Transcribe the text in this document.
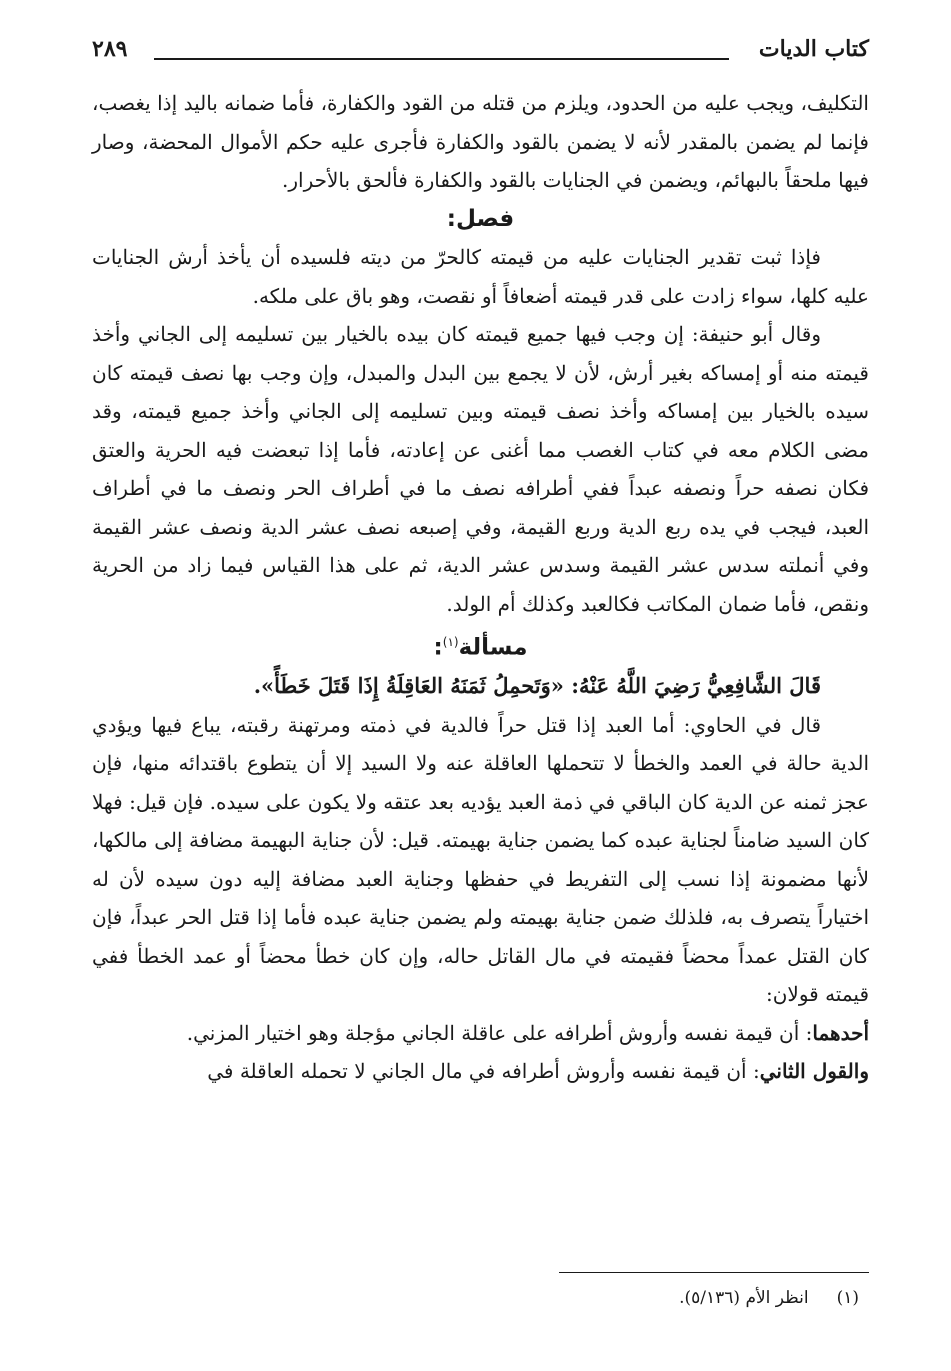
كتاب الديات
٢٨٩

التكليف، ويجب عليه من الحدود، ويلزم من قتله من القود والكفارة، فأما ضمانه باليد إذا يغصب، فإنما لم يضمن بالمقدر لأنه لا يضمن بالقود والكفارة فأجرى عليه حكم الأموال المحضة، وصار فيها ملحقاً بالبهائم، ويضمن في الجنايات بالقود والكفارة فألحق بالأحرار.

فصل:

فإذا ثبت تقدير الجنايات عليه من قيمته كالحرّ من ديته فلسيده أن يأخذ أرش الجنايات عليه كلها، سواء زادت على قدر قيمته أضعافاً أو نقصت، وهو باق على ملكه.

وقال أبو حنيفة: إن وجب فيها جميع قيمته كان بيده بالخيار بين تسليمه إلى الجاني وأخذ قيمته منه أو إمساكه بغير أرش، لأن لا يجمع بين البدل والمبدل، وإن وجب بها نصف قيمته كان سيده بالخيار بين إمساكه وأخذ نصف قيمته وبين تسليمه إلى الجاني وأخذ جميع قيمته، وقد مضى الكلام معه في كتاب الغصب مما أغنى عن إعادته، فأما إذا تبعضت فيه الحرية والعتق فكان نصفه حراً ونصفه عبداً ففي أطرافه نصف ما في أطراف الحر ونصف ما في أطراف العبد، فيجب في يده ربع الدية وربع القيمة، وفي إصبعه نصف عشر الدية ونصف عشر القيمة وفي أنملته سدس عشر القيمة وسدس عشر الدية، ثم على هذا القياس فيما زاد من الحرية ونقص، فأما ضمان المكاتب فكالعبد وكذلك أم الولد.

مسألة$^{(١)}$:

قَالَ الشَّافِعِيُّ رَضِيَ اللَّهُ عَنْهُ: «وَتَحمِلُ ثَمَنَهُ العَاقِلَةُ إِذَا قَتَلَ خَطَأً».

قال في الحاوي: أما العبد إذا قتل حراً فالدية في ذمته ومرتهنة رقبته، يباع فيها ويؤدي الدية حالة في العمد والخطأ لا تتحملها العاقلة عنه ولا السيد إلا أن يتطوع باقتدائه منها، فإن عجز ثمنه عن الدية كان الباقي في ذمة العبد يؤديه بعد عتقه ولا يكون على سيده. فإن قيل: فهلا كان السيد ضامناً لجناية عبده كما يضمن جناية بهيمته. قيل: لأن جناية البهيمة مضافة إلى مالكها، لأنها مضمونة إذا نسب إلى التفريط في حفظها وجناية العبد مضافة إليه دون سيده لأن له اختياراً يتصرف به، فلذلك ضمن جناية بهيمته ولم يضمن جناية عبده فأما إذا قتل الحر عبداً، فإن كان القتل عمداً محضاً فقيمته في مال القاتل حاله، وإن كان خطأ محضاً أو عمد الخطأ ففي قيمته قولان:

أحدهما: أن قيمة نفسه وأروش أطرافه على عاقلة الجاني مؤجلة وهو اختيار المزني.

والقول الثاني: أن قيمة نفسه وأروش أطرافه في مال الجاني لا تحمله العاقلة في

(١)انظر الأم (٥/١٣٦).
